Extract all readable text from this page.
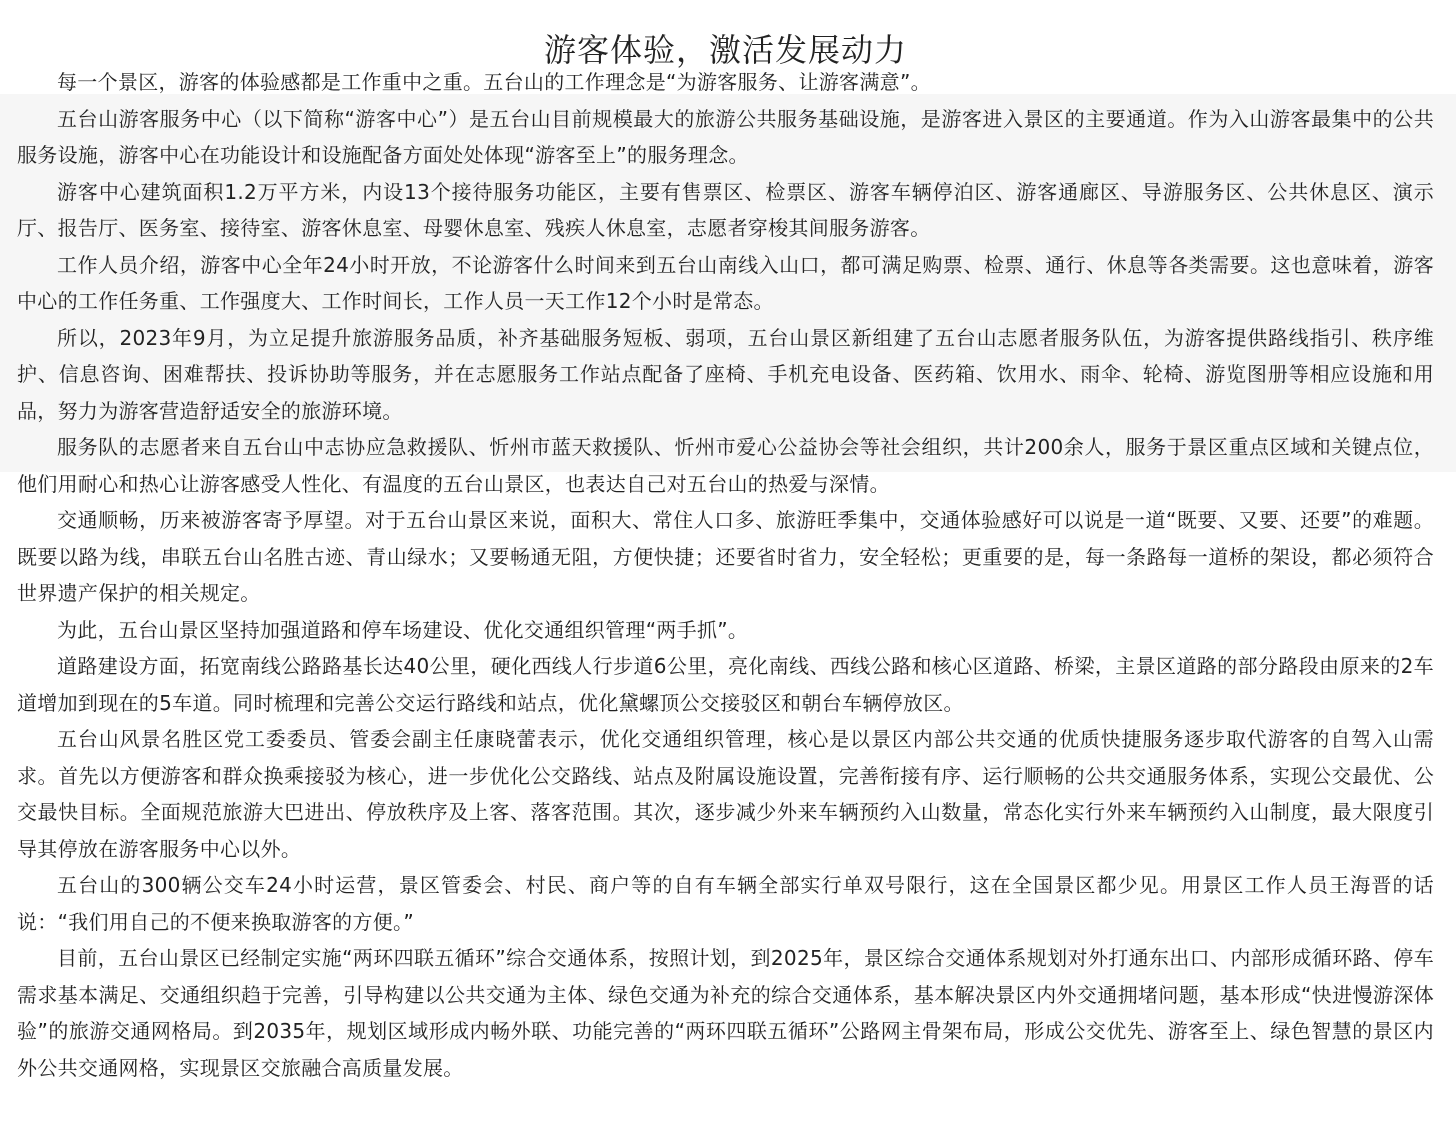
游客体验，激活发展动力

每一个景区，游客的体验感都是工作重中之重。五台山的工作理念是“为游客服务、让游客满意”。

五台山游客服务中心（以下简称“游客中心”）是五台山目前规模最大的旅游公共服务基础设施，是游客进入景区的主要通道。作为入山游客最集中的公共服务设施，游客中心在功能设计和设施配备方面处处体现“游客至上”的服务理念。

游客中心建筑面积1.2万平方米，内设13个接待服务功能区，主要有售票区、检票区、游客车辆停泊区、游客通廊区、导游服务区、公共休息区、演示厅、报告厅、医务室、接待室、游客休息室、母婴休息室、残疾人休息室，志愿者穿梭其间服务游客。

工作人员介绍，游客中心全年24小时开放，不论游客什么时间来到五台山南线入山口，都可满足购票、检票、通行、休息等各类需要。这也意味着，游客中心的工作任务重、工作强度大、工作时间长，工作人员一天工作12个小时是常态。

所以，2023年9月，为立足提升旅游服务品质，补齐基础服务短板、弱项，五台山景区新组建了五台山志愿者服务队伍，为游客提供路线指引、秩序维护、信息咨询、困难帮扶、投诉协助等服务，并在志愿服务工作站点配备了座椅、手机充电设备、医药箱、饮用水、雨伞、轮椅、游览图册等相应设施和用品，努力为游客营造舒适安全的旅游环境。

服务队的志愿者来自五台山中志协应急救援队、忻州市蓝天救援队、忻州市爱心公益协会等社会组织，共计200余人，服务于景区重点区域和关键点位，他们用耐心和热心让游客感受人性化、有温度的五台山景区，也表达自己对五台山的热爱与深情。

交通顺畅，历来被游客寄予厚望。对于五台山景区来说，面积大、常住人口多、旅游旺季集中，交通体验感好可以说是一道“既要、又要、还要”的难题。既要以路为线，串联五台山名胜古迹、青山绿水；又要畅通无阻，方便快捷；还要省时省力，安全轻松；更重要的是，每一条路每一道桥的架设，都必须符合世界遗产保护的相关规定。

为此，五台山景区坚持加强道路和停车场建设、优化交通组织管理“两手抓”。

道路建设方面，拓宽南线公路路基长达40公里，硬化西线人行步道6公里，亮化南线、西线公路和核心区道路、桥梁，主景区道路的部分路段由原来的2车道增加到现在的5车道。同时梳理和完善公交运行路线和站点，优化黛螺顶公交接驳区和朝台车辆停放区。

五台山风景名胜区党工委委员、管委会副主任康晓蕾表示，优化交通组织管理，核心是以景区内部公共交通的优质快捷服务逐步取代游客的自驾入山需求。首先以方便游客和群众换乘接驳为核心，进一步优化公交路线、站点及附属设施设置，完善衔接有序、运行顺畅的公共交通服务体系，实现公交最优、公交最快目标。全面规范旅游大巴进出、停放秩序及上客、落客范围。其次，逐步减少外来车辆预约入山数量，常态化实行外来车辆预约入山制度，最大限度引导其停放在游客服务中心以外。

五台山的300辆公交车24小时运营，景区管委会、村民、商户等的自有车辆全部实行单双号限行，这在全国景区都少见。用景区工作人员王海晋的话说：“我们用自己的不便来换取游客的方便。”

目前，五台山景区已经制定实施“两环四联五循环”综合交通体系，按照计划，到2025年，景区综合交通体系规划对外打通东出口、内部形成循环路、停车需求基本满足、交通组织趋于完善，引导构建以公共交通为主体、绿色交通为补充的综合交通体系，基本解决景区内外交通拥堵问题，基本形成“快进慢游深体验”的旅游交通网格局。到2035年，规划区域形成内畅外联、功能完善的“两环四联五循环”公路网主骨架布局，形成公交优先、游客至上、绿色智慧的景区内外公共交通网格，实现景区交旅融合高质量发展。
